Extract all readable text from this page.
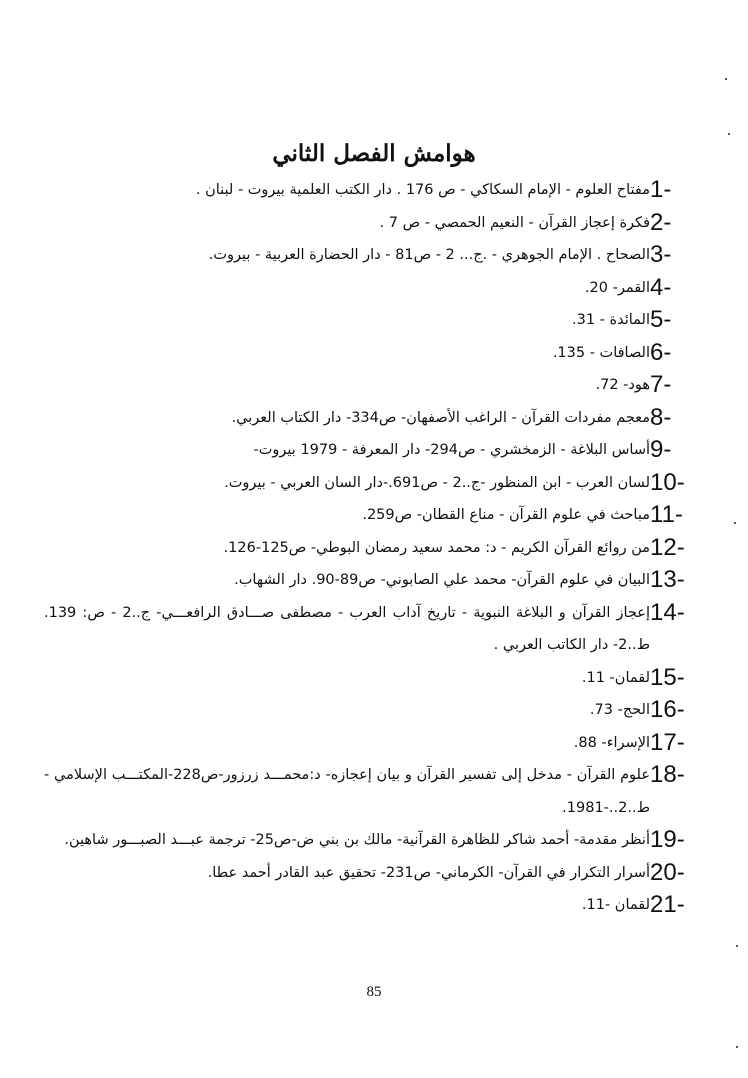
هوامش الفصل الثاني
1-
مفتاح العلوم - الإمام السكاكي - ص 176 . دار الكتب العلمية بيروت - لبنان .
2-
فكرة إعجاز القرآن - النعيم الحمصي - ص 7 .
3-
الصحاح . الإمام الجوهري - .ج... 2 - ص81 - دار الحضارة العربية - بيروت.
4-
القمر- 20.
5-
المائدة - 31.
6-
الصافات - 135.
7-
هود- 72.
8-
معجم مفردات القرآن - الراغب الأصفهان- ص334- دار الكتاب العربي.
9-
أساس البلاغة - الزمخشري - ص294- دار المعرفة - 1979 بيروت-
10-
لسان العرب - ابن المنظور -ج..2 - ص691.-دار السان العربي - بيروت.
11-
مباحث في علوم القرآن - مناع القطان- ص259.
12-
من روائع القرآن الكريم - د: محمد سعيد رمضان البوطي- ص125-126.
13-
البيان في علوم القرآن- محمد علي الصابوني- ص89-90. دار الشهاب.
14-
إعجاز القرآن و البلاغة النبوية - تاريخ آداب العرب - مصطفى صـــادق الرافعـــي- ج..2 - ص: 139. ط..2- دار الكاتب العربي .
15-
لقمان- 11.
16-
الحج- 73.
17-
الإسراء- 88.
18-
علوم القرآن - مدخل إلى تفسير القرآن و بيان إعجازه- د:محمـــد زرزور-ص228-المكتـــب الإسلامي - ط..2..-1981.
19-
أنظر مقدمة- أحمد شاكر للظاهرة القرآنية- مالك بن بني ض-ص25- ترجمة عبـــد الصبـــور شاهين.
20-
أسرار التكرار في القرآن- الكرماني- ص231- تحقيق عبد القادر أحمد عطا.
21-
لقمان -11.
85
